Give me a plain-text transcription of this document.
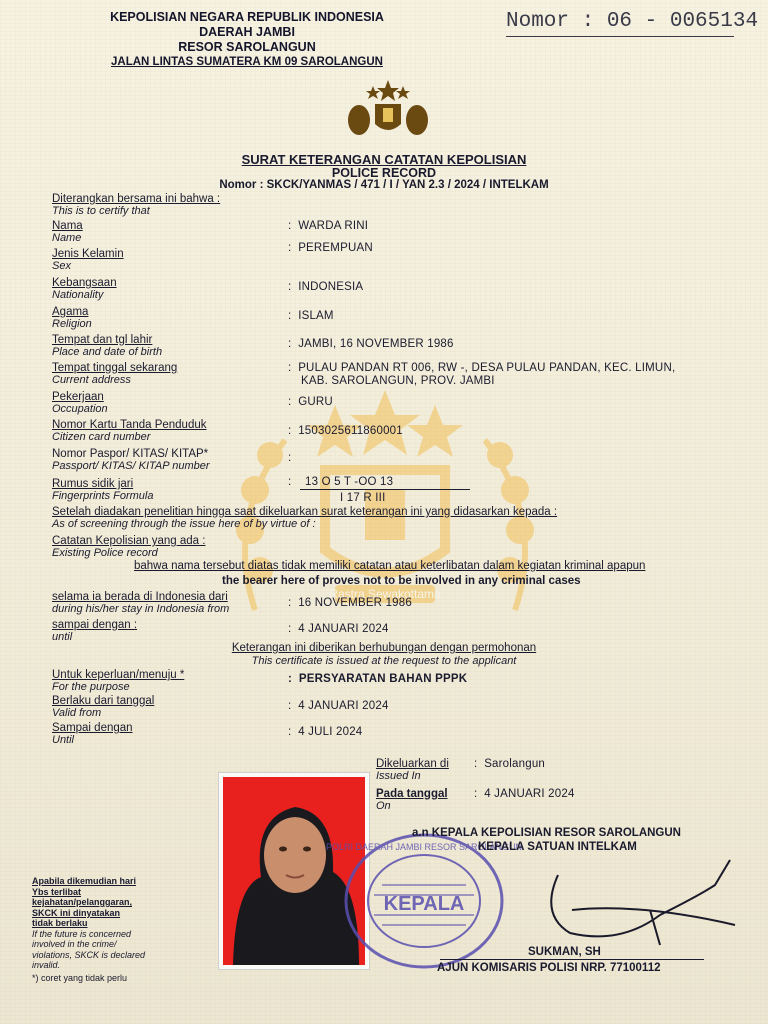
Rastra Sewakottama
KEPOLISIAN NEGARA REPUBLIK INDONESIA
DAERAH JAMBI
RESOR SAROLANGUN
JALAN LINTAS SUMATERA KM 09 SAROLANGUN
Nomor : 06 - 0065134
SURAT KETERANGAN CATATAN KEPOLISIAN
POLICE RECORD
Nomor : SKCK/YANMAS / 471 / I / YAN 2.3 / 2024 / INTELKAM
Diterangkan bersama ini bahwa :
This is to certify that
Nama
Name
:  WARDA RINI
Jenis Kelamin
Sex
:  PEREMPUAN
Kebangsaan
Nationality
:  INDONESIA
Agama
Religion
:  ISLAM
Tempat dan tgl lahir
Place and date of birth
:  JAMBI, 16 NOVEMBER 1986
Tempat tinggal sekarang
Current address
:  PULAU PANDAN RT 006, RW -, DESA PULAU PANDAN, KEC. LIMUN,
KAB. SAROLANGUN, PROV. JAMBI
Pekerjaan
Occupation
:  GURU
Nomor Kartu Tanda Penduduk
Citizen card number	:  1503025611860001
Nomor Paspor/ KITAS/ KITAP*
Passport/ KITAS/ KITAP number
:
Rumus sidik jari
Fingerprints Formula
:    13 O 5 T -OO 13
I 17 R III
Setelah diadakan penelitian hingga saat dikeluarkan surat keterangan ini yang didasarkan kepada :
As of screening through the issue here of by virtue of :
Catatan Kepolisian yang ada :
Existing Police record
bahwa nama tersebut diatas tidak memiliki catatan atau keterlibatan dalam kegiatan kriminal apapun
the bearer here of proves not to be involved in any criminal cases
selama ia berada di Indonesia dari
during his/her stay in Indonesia from	:  16 NOVEMBER 1986
sampai dengan :
until
:  4 JANUARI 2024
Keterangan ini diberikan berhubungan dengan permohonan
This certificate is issued at the request to the applicant
Untuk keperluan/menuju *
For the purpose
:  PERSYARATAN BAHAN PPPK
Berlaku dari tanggal
Valid from
:  4 JANUARI 2024
Sampai dengan
Until
:  4 JULI 2024
Dikeluarkan di
Issued In
:  Sarolangun
Pada tanggal
On
:  4 JANUARI 2024
KEPALA
POLRI DAERAH JAMBI RESOR SAROLANGUN
a.n KEPALA KEPOLISIAN RESOR SAROLANGUN
KEPALA SATUAN INTELKAM
SUKMAN, SH
AJUN KOMISARIS POLISI NRP. 77100112
Apabila dikemudian hari
Ybs terlibat
kejahatan/pelanggaran,
SKCK ini dinyatakan
tidak berlaku
If the future is concerned
involved in the crime/
violations, SKCK is declared
invalid.
*) coret yang tidak perlu
